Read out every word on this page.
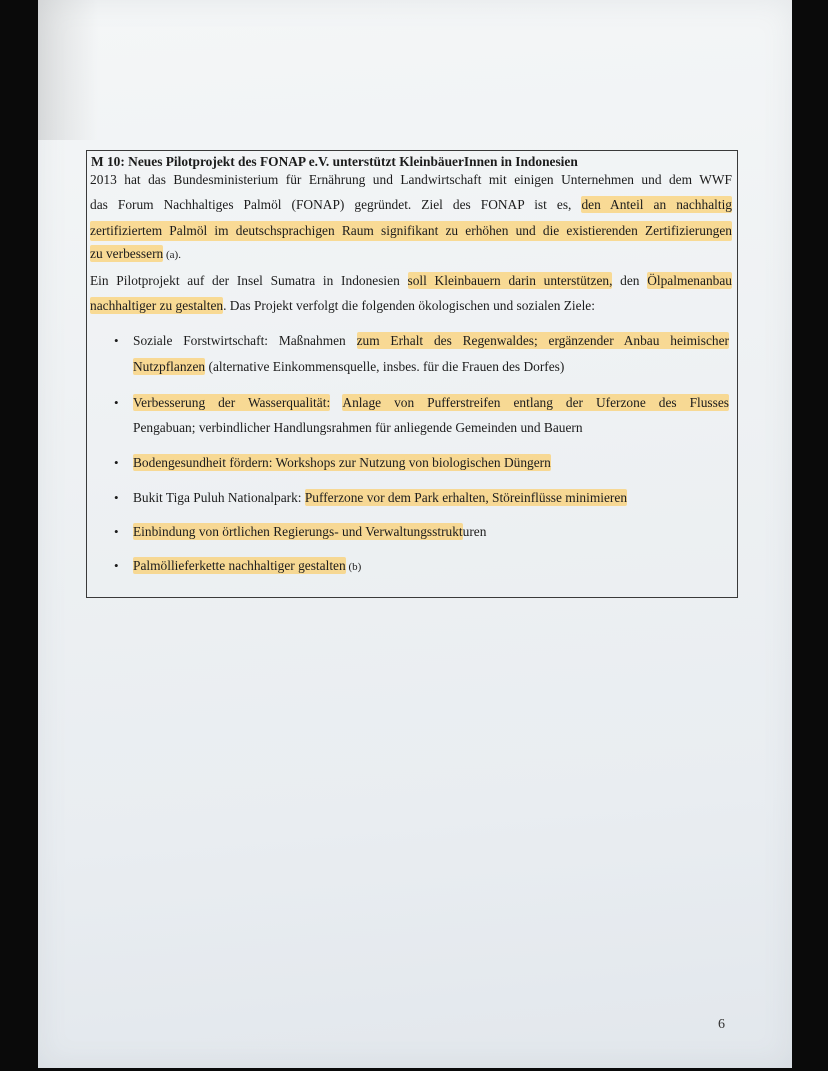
M 10: Neues Pilotprojekt des FONAP e.V. unterstützt KleinbäuerInnen in Indonesien
2013 hat das Bundesministerium für Ernährung und Landwirtschaft mit einigen Unternehmen und dem WWF
das Forum Nachhaltiges Palmöl (FONAP) gegründet. Ziel des FONAP ist es, den Anteil an nachhaltig
zertifiziertem Palmöl im deutschsprachigen Raum signifikant zu erhöhen und die existierenden Zertifizierungen
zu verbessern (a).
Ein Pilotprojekt auf der Insel Sumatra in Indonesien soll Kleinbauern darin unterstützen, den Ölpalmenanbau
nachhaltiger zu gestalten. Das Projekt verfolgt die folgenden ökologischen und sozialen Ziele:
• Soziale Forstwirtschaft: Maßnahmen zum Erhalt des Regenwaldes; ergänzender Anbau heimischer
Nutzpflanzen (alternative Einkommensquelle, insbes. für die Frauen des Dorfes)
• Verbesserung der Wasserqualität: Anlage von Pufferstreifen entlang der Uferzone des Flusses
Pengabuan; verbindlicher Handlungsrahmen für anliegende Gemeinden und Bauern
• Bodengesundheit fördern: Workshops zur Nutzung von biologischen Düngern
• Bukit Tiga Puluh Nationalpark: Pufferzone vor dem Park erhalten, Störeinflüsse minimieren
• Einbindung von örtlichen Regierungs- und Verwaltungsstrukturen
• Palmöllieferkette nachhaltiger gestalten (b)
6
